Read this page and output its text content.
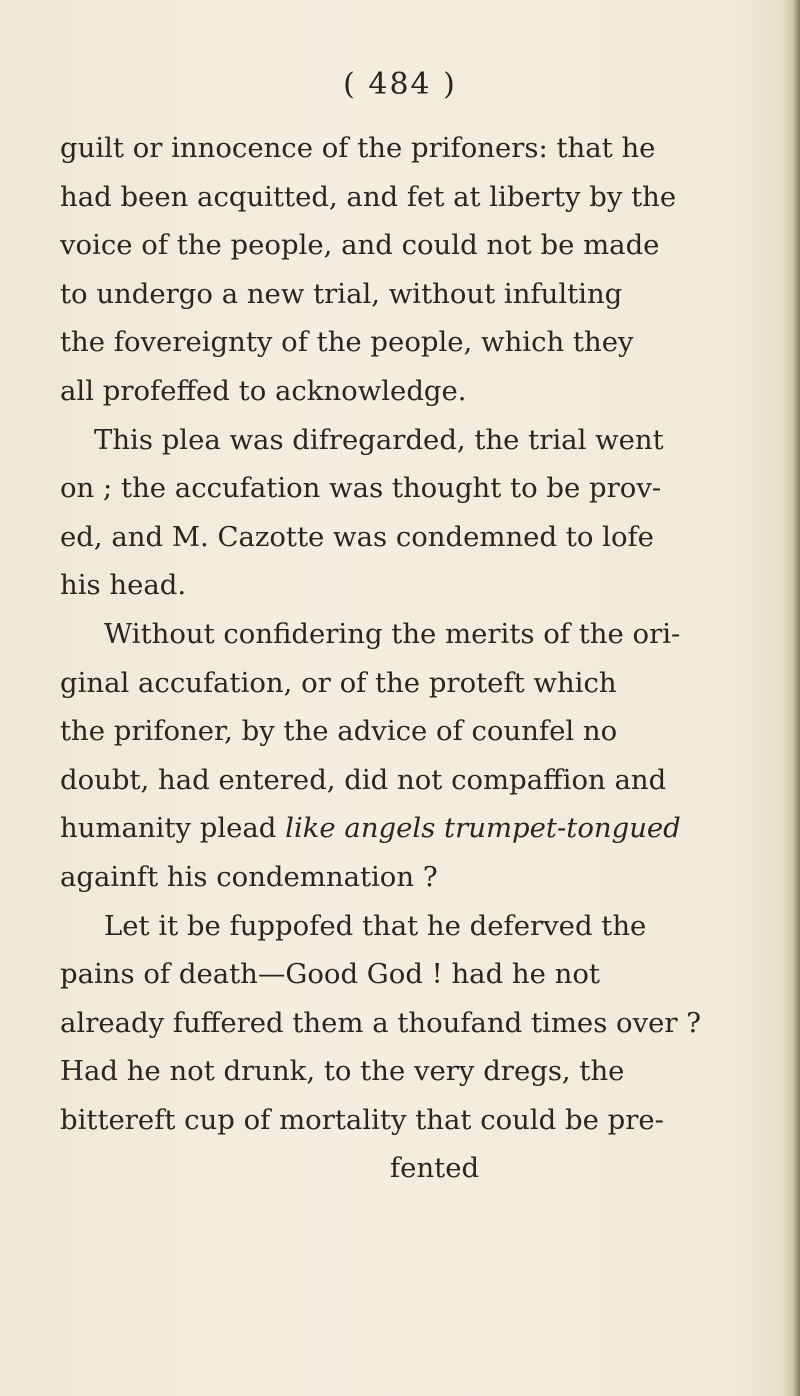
( 484 )
guilt or innocence of the prifoners: that he
had been acquitted, and fet at liberty by the
voice of the people, and could not be made
to undergo a new trial, without infulting
the fovereignty of the people, which they
all profeffed to acknowledge.
This plea was difregarded, the trial went
on ; the accufation was thought to be prov-
ed, and M. Cazotte was condemned to lofe
his head.
Without confidering the merits of the ori-
ginal accufation, or of the proteft which
the prifoner, by the advice of counfel no
doubt, had entered, did not compaffion and
humanity plead like angels trumpet-tongued
againft his condemnation ?
Let it be fuppofed that he deferved the
pains of death—Good God ! had he not
already fuffered them a thoufand times over ?
Had he not drunk, to the very dregs, the
bittereft cup of mortality that could be pre-
fented
